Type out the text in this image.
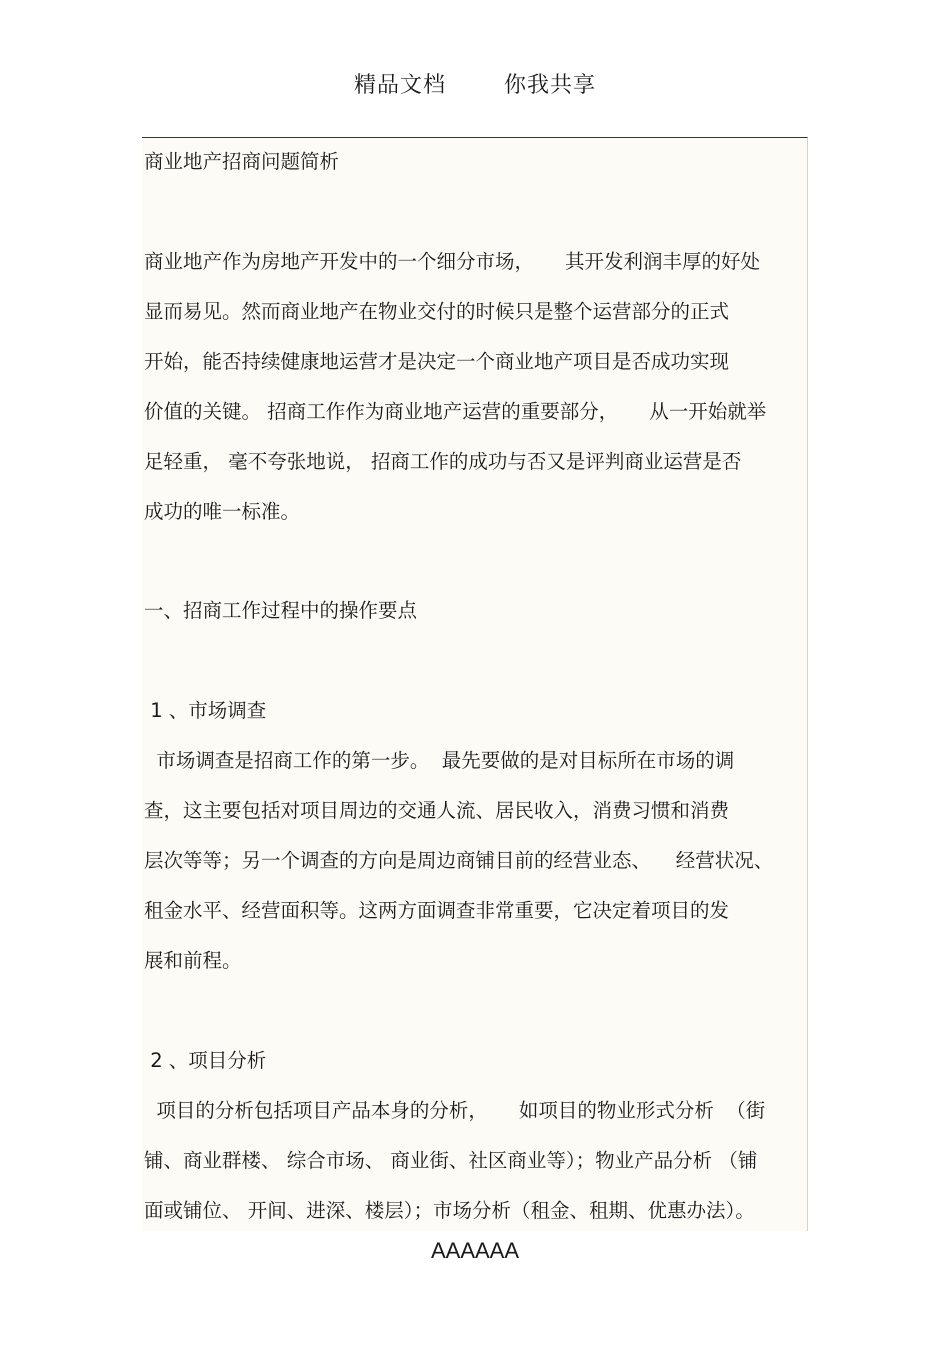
精品文档	你我共享
商业地产招商问题简析
商业地产作为房地产开发中的一个细分市场，     其开发利润丰厚的好处
显而易见。然而商业地产在物业交付的时候只是整个运营部分的正式
开始，能否持续健康地运营才是决定一个商业地产项目是否成功实现
价值的关键。 招商工作作为商业地产运营的重要部分，     从一开始就举
足轻重， 毫不夸张地说， 招商工作的成功与否又是评判商业运营是否
成功的唯一标准。
一、招商工作过程中的操作要点
1 、市场调查
市场调查是招商工作的第一步。  最先要做的是对目标所在市场的调
查，这主要包括对项目周边的交通人流、居民收入，消费习惯和消费
层次等等；另一个调查的方向是周边商铺目前的经营业态、    经营状况、
租金水平、经营面积等。这两方面调查非常重要，它决定着项目的发
展和前程。
2 、项目分析
项目的分析包括项目产品本身的分析，     如项目的物业形式分析  （街
铺、商业群楼、 综合市场、 商业街、社区商业等）；物业产品分析 （铺
面或铺位、 开间、进深、楼层）；市场分析（租金、租期、优惠办法）。
AAAAAA
